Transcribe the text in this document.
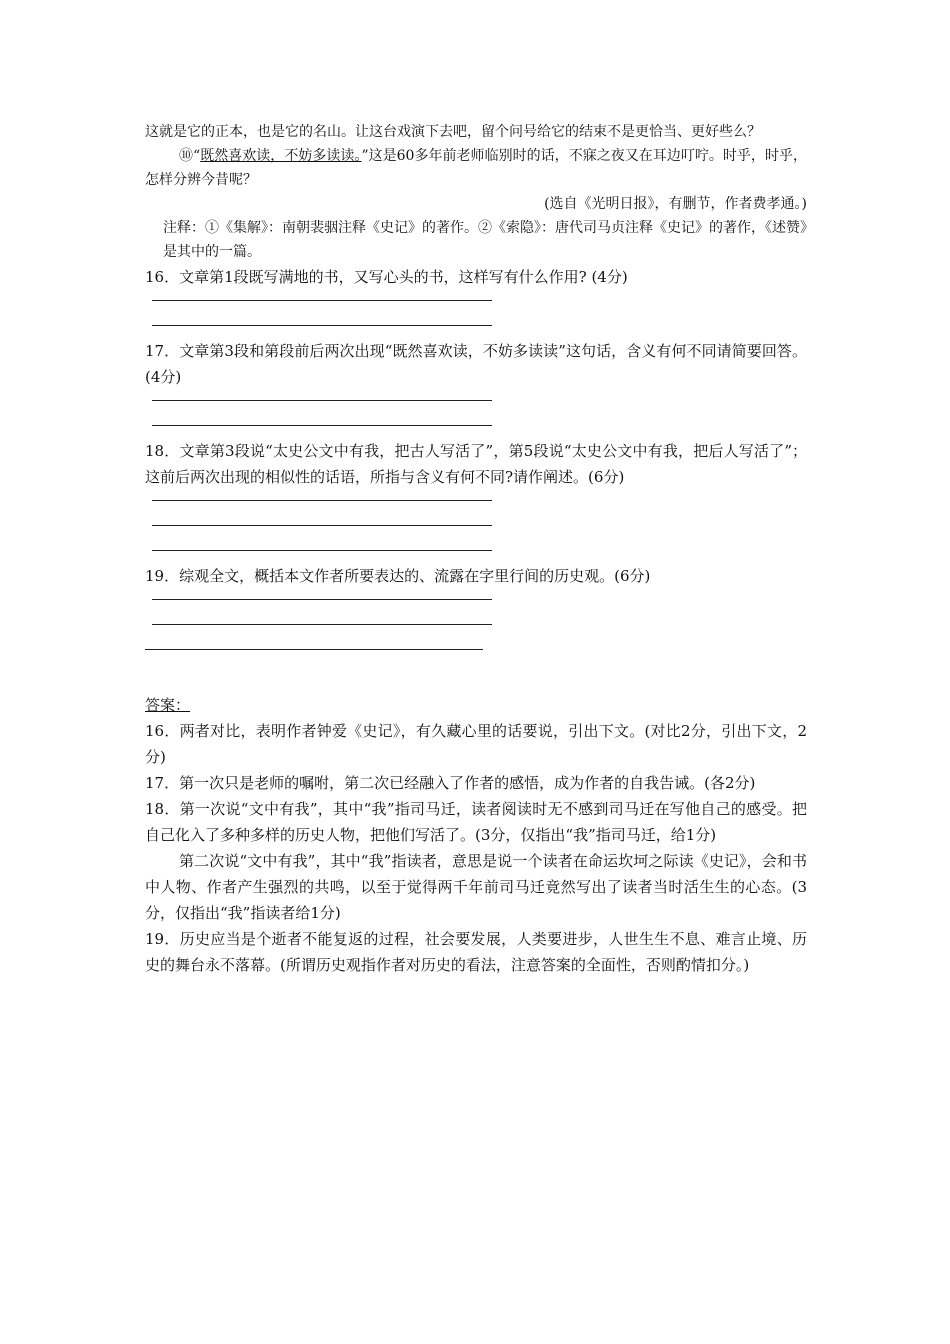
这就是它的正本，也是它的名山。让这台戏演下去吧，留个问号给它的结束不是更恰当、更好些么？

⑩“既然喜欢读，不妨多读读。”这是60多年前老师临别时的话，不寐之夜又在耳边叮咛。时乎，时乎，怎样分辨今昔呢？

(选自《光明日报》，有删节，作者费孝通。)

注释：①《集解》：南朝裴骃注释《史记》的著作。②《索隐》：唐代司马贞注释《史记》的著作，《述赞》是其中的一篇。

16．文章第1段既写满地的书，又写心头的书，这样写有什么作用? (4分)

17．文章第3段和第段前后两次出现“既然喜欢读，不妨多读读”这句话，含义有何不同请简要回答。(4分)

18．文章第3段说“太史公文中有我，把古人写活了”，第5段说“太史公文中有我，把后人写活了”；这前后两次出现的相似性的话语，所指与含义有何不同?请作阐述。(6分)

19．综观全文，概括本文作者所要表达的、流露在字里行间的历史观。(6分)

答案：

16．两者对比，表明作者钟爱《史记》，有久藏心里的话要说，引出下文。(对比2分，引出下文，2分)

17．第一次只是老师的嘱咐，第二次已经融入了作者的感悟，成为作者的自我告诫。(各2分)

18．第一次说“文中有我”，其中“我”指司马迁，读者阅读时无不感到司马迁在写他自己的感受。把自己化入了多种多样的历史人物，把他们写活了。(3分，仅指出“我”指司马迁，给1分)

第二次说“文中有我”，其中“我”指读者，意思是说一个读者在命运坎坷之际读《史记》，会和书中人物、作者产生强烈的共鸣，以至于觉得两千年前司马迁竟然写出了读者当时活生生的心态。(3分，仅指出“我”指读者给1分)

19．历史应当是个逝者不能复返的过程，社会要发展，人类要进步，人世生生不息、难言止境、历史的舞台永不落幕。(所谓历史观指作者对历史的看法，注意答案的全面性，否则酌情扣分。)
